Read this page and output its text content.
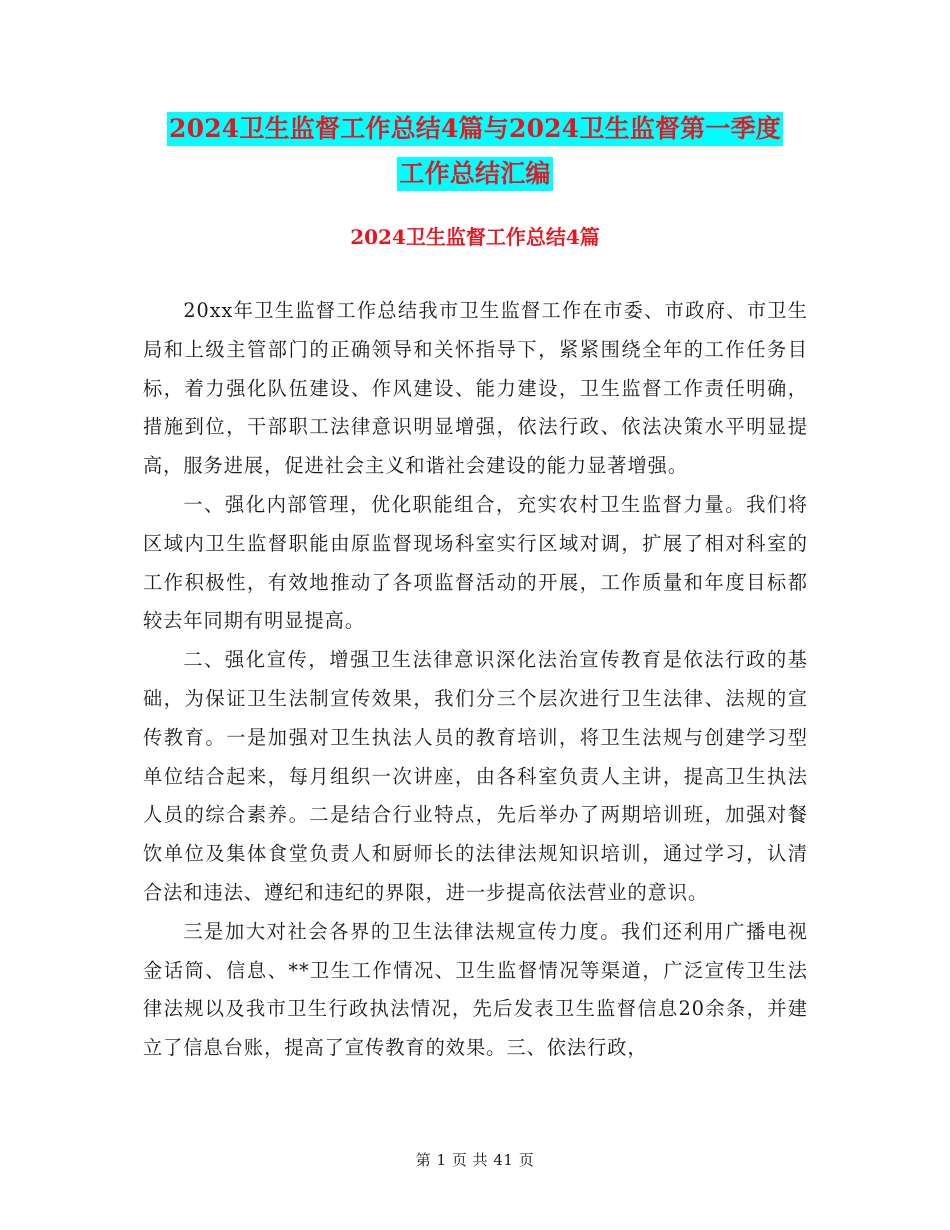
2024卫生监督工作总结4篇与2024卫生监督第一季度
工作总结汇编
2024卫生监督工作总结4篇

20xx年卫生监督工作总结我市卫生监督工作在市委、市政府、市卫生局和上级主管部门的正确领导和关怀指导下，紧紧围绕全年的工作任务目标，着力强化队伍建设、作风建设、能力建设，卫生监督工作责任明确，措施到位，干部职工法律意识明显增强，依法行政、依法决策水平明显提高，服务进展，促进社会主义和谐社会建设的能力显著增强。

一、强化内部管理，优化职能组合，充实农村卫生监督力量。我们将区域内卫生监督职能由原监督现场科室实行区域对调，扩展了相对科室的工作积极性，有效地推动了各项监督活动的开展，工作质量和年度目标都较去年同期有明显提高。

二、强化宣传，增强卫生法律意识深化法治宣传教育是依法行政的基础，为保证卫生法制宣传效果，我们分三个层次进行卫生法律、法规的宣传教育。一是加强对卫生执法人员的教育培训，将卫生法规与创建学习型单位结合起来，每月组织一次讲座，由各科室负责人主讲，提高卫生执法人员的综合素养。二是结合行业特点，先后举办了两期培训班，加强对餐饮单位及集体食堂负责人和厨师长的法律法规知识培训，通过学习，认清合法和违法、遵纪和违纪的界限，进一步提高依法营业的意识。

三是加大对社会各界的卫生法律法规宣传力度。我们还利用广播电视金话筒、信息、**卫生工作情况、卫生监督情况等渠道，广泛宣传卫生法律法规以及我市卫生行政执法情况，先后发表卫生监督信息20余条，并建立了信息台账，提高了宣传教育的效果。三、依法行政，

第 1 页 共 41 页
